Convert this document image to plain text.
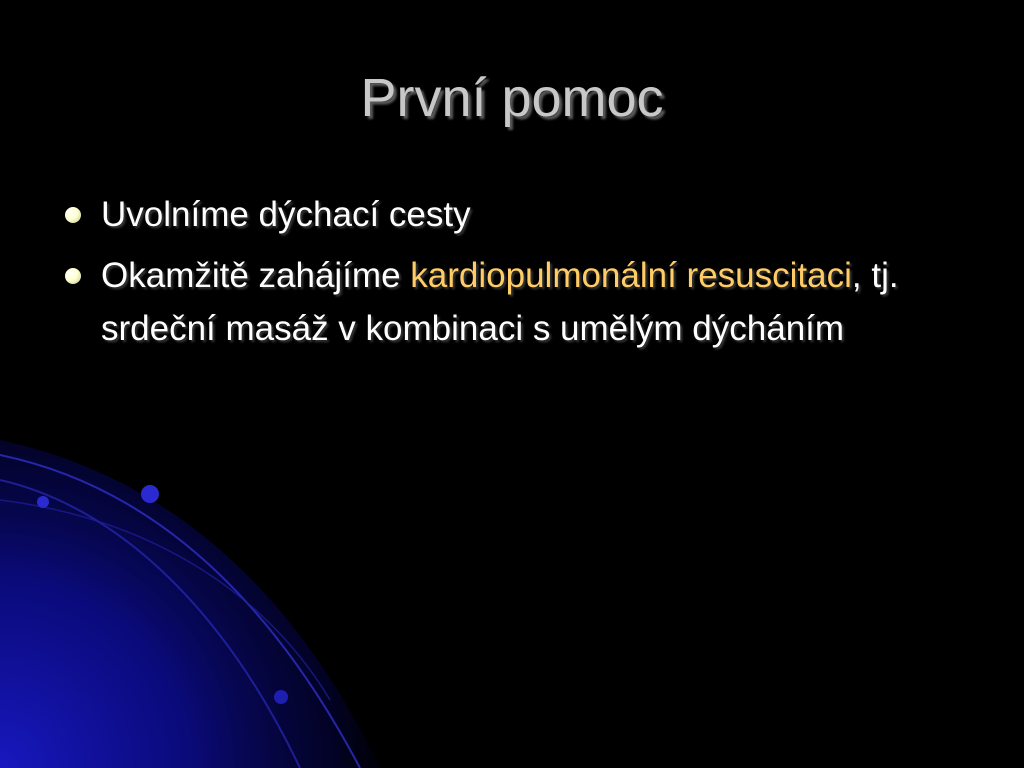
První pomoc
Uvolníme dýchací cesty
Okamžitě zahájíme kardiopulmonální resuscitaci, tj. srdeční masáž v kombinaci s umělým dýcháním
